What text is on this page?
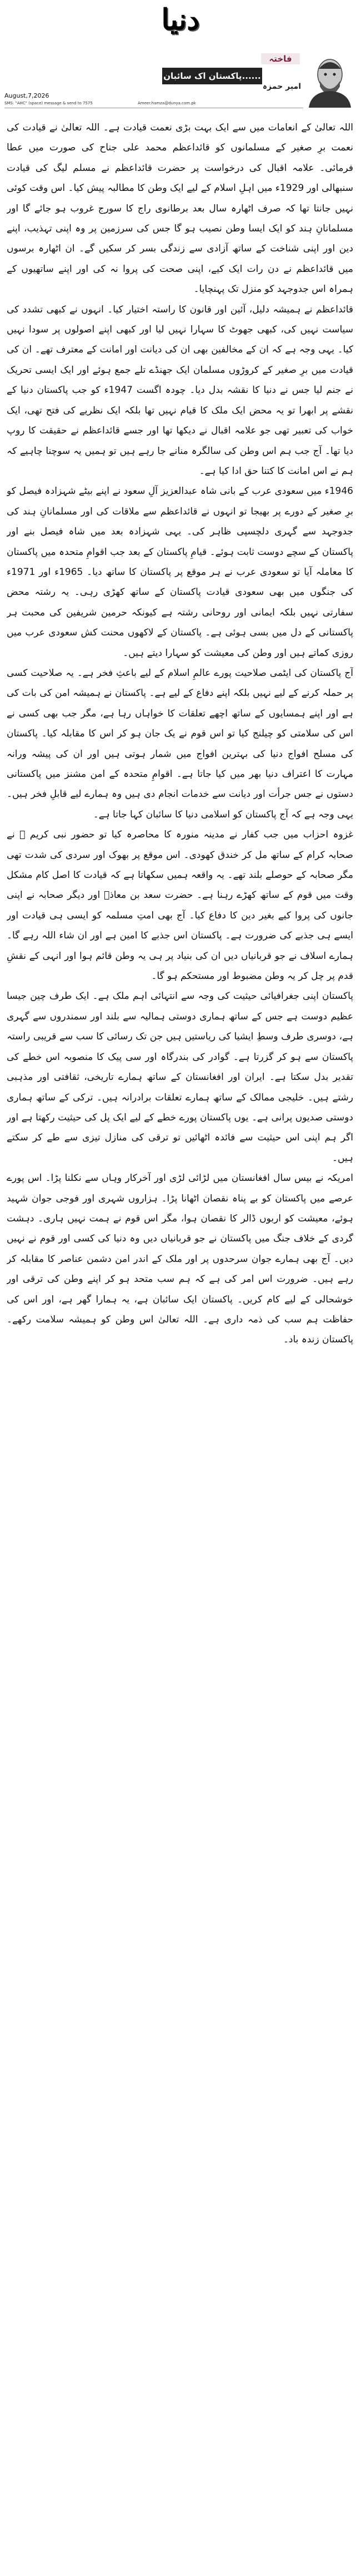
دنیا
فاختہ
پاکستان اک سائبان......
امیر حمزہ
August,7,2026
SMS: "AHC" (space) message & send to 7575	Ameer.hamza@dunya.com.pk

اللہ تعالیٰ کے انعامات میں سے ایک بہت بڑی نعمت قیادت ہے۔ اللہ تعالیٰ نے قیادت کی نعمت برِ صغیر کے مسلمانوں کو قائداعظم محمد علی جناح کی صورت میں عطا فرمائی۔ علامہ اقبال کی درخواست پر حضرت قائداعظم نے مسلم لیگ کی قیادت سنبھالی اور 1929ء میں اہلِ اسلام کے لیے ایک وطن کا مطالبہ پیش کیا۔ اس وقت کوئی نہیں جانتا تھا کہ صرف اٹھارہ سال بعد برطانوی راج کا سورج غروب ہو جائے گا اور مسلمانانِ ہند کو ایک ایسا وطن نصیب ہو گا جس کی سرزمین پر وہ اپنی تہذیب، اپنے دین اور اپنی شناخت کے ساتھ آزادی سے زندگی بسر کر سکیں گے۔ ان اٹھارہ برسوں میں قائداعظم نے دن رات ایک کیے، اپنی صحت کی پروا نہ کی اور اپنے ساتھیوں کے ہمراہ اس جدوجہد کو منزل تک پہنچایا۔

قائداعظم نے ہمیشہ دلیل، آئین اور قانون کا راستہ اختیار کیا۔ انہوں نے کبھی تشدد کی سیاست نہیں کی، کبھی جھوٹ کا سہارا نہیں لیا اور کبھی اپنے اصولوں پر سودا نہیں کیا۔ یہی وجہ ہے کہ ان کے مخالفین بھی ان کی دیانت اور امانت کے معترف تھے۔ ان کی قیادت میں برِ صغیر کے کروڑوں مسلمان ایک جھنڈے تلے جمع ہوئے اور ایک ایسی تحریک نے جنم لیا جس نے دنیا کا نقشہ بدل دیا۔ چودہ اگست 1947ء کو جب پاکستان دنیا کے نقشے پر ابھرا تو یہ محض ایک ملک کا قیام نہیں تھا بلکہ ایک نظریے کی فتح تھی، ایک خواب کی تعبیر تھی جو علامہ اقبال نے دیکھا تھا اور جسے قائداعظم نے حقیقت کا روپ دیا تھا۔ آج جب ہم اس وطن کی سالگرہ منانے جا رہے ہیں تو ہمیں یہ سوچنا چاہیے کہ ہم نے اس امانت کا کتنا حق ادا کیا ہے۔

1946ء میں سعودی عرب کے بانی شاہ عبدالعزیز آلِ سعود نے اپنے بیٹے شہزادہ فیصل کو برِ صغیر کے دورے پر بھیجا تو انہوں نے قائداعظم سے ملاقات کی اور مسلمانانِ ہند کی جدوجہد سے گہری دلچسپی ظاہر کی۔ یہی شہزادہ بعد میں شاہ فیصل بنے اور پاکستان کے سچے دوست ثابت ہوئے۔ قیامِ پاکستان کے بعد جب اقوامِ متحدہ میں پاکستان کا معاملہ آیا تو سعودی عرب نے ہر موقع پر پاکستان کا ساتھ دیا۔ 1965ء اور 1971ء کی جنگوں میں بھی سعودی قیادت پاکستان کے ساتھ کھڑی رہی۔ یہ رشتہ محض سفارتی نہیں بلکہ ایمانی اور روحانی رشتہ ہے کیونکہ حرمین شریفین کی محبت ہر پاکستانی کے دل میں بسی ہوئی ہے۔ پاکستان کے لاکھوں محنت کش سعودی عرب میں روزی کماتے ہیں اور وطن کی معیشت کو سہارا دیتے ہیں۔

آج پاکستان کی ایٹمی صلاحیت پورے عالمِ اسلام کے لیے باعثِ فخر ہے۔ یہ صلاحیت کسی پر حملہ کرنے کے لیے نہیں بلکہ اپنے دفاع کے لیے ہے۔ پاکستان نے ہمیشہ امن کی بات کی ہے اور اپنے ہمسایوں کے ساتھ اچھے تعلقات کا خواہاں رہا ہے، مگر جب بھی کسی نے اس کی سلامتی کو چیلنج کیا تو اس قوم نے یک جان ہو کر اس کا مقابلہ کیا۔ پاکستان کی مسلح افواج دنیا کی بہترین افواج میں شمار ہوتی ہیں اور ان کی پیشہ ورانہ مہارت کا اعتراف دنیا بھر میں کیا جاتا ہے۔ اقوامِ متحدہ کے امن مشنز میں پاکستانی دستوں نے جس جرأت اور دیانت سے خدمات انجام دی ہیں وہ ہمارے لیے قابلِ فخر ہیں۔ یہی وجہ ہے کہ آج پاکستان کو اسلامی دنیا کا سائبان کہا جاتا ہے۔

غزوہ احزاب میں جب کفار نے مدینہ منورہ کا محاصرہ کیا تو حضور نبی کریم ﷺ نے صحابہ کرام کے ساتھ مل کر خندق کھودی۔ اس موقع پر بھوک اور سردی کی شدت تھی مگر صحابہ کے حوصلے بلند تھے۔ یہ واقعہ ہمیں سکھاتا ہے کہ قیادت کا اصل کام مشکل وقت میں قوم کے ساتھ کھڑے رہنا ہے۔ حضرت سعد بن معاذؓ اور دیگر صحابہ نے اپنی جانوں کی پروا کیے بغیر دین کا دفاع کیا۔ آج بھی امتِ مسلمہ کو ایسی ہی قیادت اور ایسے ہی جذبے کی ضرورت ہے۔ پاکستان اس جذبے کا امین ہے اور ان شاء اللہ رہے گا۔ ہمارے اسلاف نے جو قربانیاں دیں ان کی بنیاد پر ہی یہ وطن قائم ہوا اور انہی کے نقشِ قدم پر چل کر یہ وطن مضبوط اور مستحکم ہو گا۔

پاکستان اپنی جغرافیائی حیثیت کی وجہ سے انتہائی اہم ملک ہے۔ ایک طرف چین جیسا عظیم دوست ہے جس کے ساتھ ہماری دوستی ہمالیہ سے بلند اور سمندروں سے گہری ہے، دوسری طرف وسطِ ایشیا کی ریاستیں ہیں جن تک رسائی کا سب سے قریبی راستہ پاکستان سے ہو کر گزرتا ہے۔ گوادر کی بندرگاہ اور سی پیک کا منصوبہ اس خطے کی تقدیر بدل سکتا ہے۔ ایران اور افغانستان کے ساتھ ہمارے تاریخی، ثقافتی اور مذہبی رشتے ہیں۔ خلیجی ممالک کے ساتھ ہمارے تعلقات برادرانہ ہیں۔ ترکی کے ساتھ ہماری دوستی صدیوں پرانی ہے۔ یوں پاکستان پورے خطے کے لیے ایک پل کی حیثیت رکھتا ہے اور اگر ہم اپنی اس حیثیت سے فائدہ اٹھائیں تو ترقی کی منازل تیزی سے طے کر سکتے ہیں۔

امریکہ نے بیس سال افغانستان میں لڑائی لڑی اور آخرکار وہاں سے نکلنا پڑا۔ اس پورے عرصے میں پاکستان کو بے پناہ نقصان اٹھانا پڑا۔ ہزاروں شہری اور فوجی جوان شہید ہوئے، معیشت کو اربوں ڈالر کا نقصان ہوا، مگر اس قوم نے ہمت نہیں ہاری۔ دہشت گردی کے خلاف جنگ میں پاکستان نے جو قربانیاں دیں وہ دنیا کی کسی اور قوم نے نہیں دیں۔ آج بھی ہمارے جوان سرحدوں پر اور ملک کے اندر امن دشمن عناصر کا مقابلہ کر رہے ہیں۔ ضرورت اس امر کی ہے کہ ہم سب متحد ہو کر اپنے وطن کی ترقی اور خوشحالی کے لیے کام کریں۔ پاکستان ایک سائبان ہے، یہ ہمارا گھر ہے، اور اس کی حفاظت ہم سب کی ذمہ داری ہے۔ اللہ تعالیٰ اس وطن کو ہمیشہ سلامت رکھے۔ پاکستان زندہ باد۔
